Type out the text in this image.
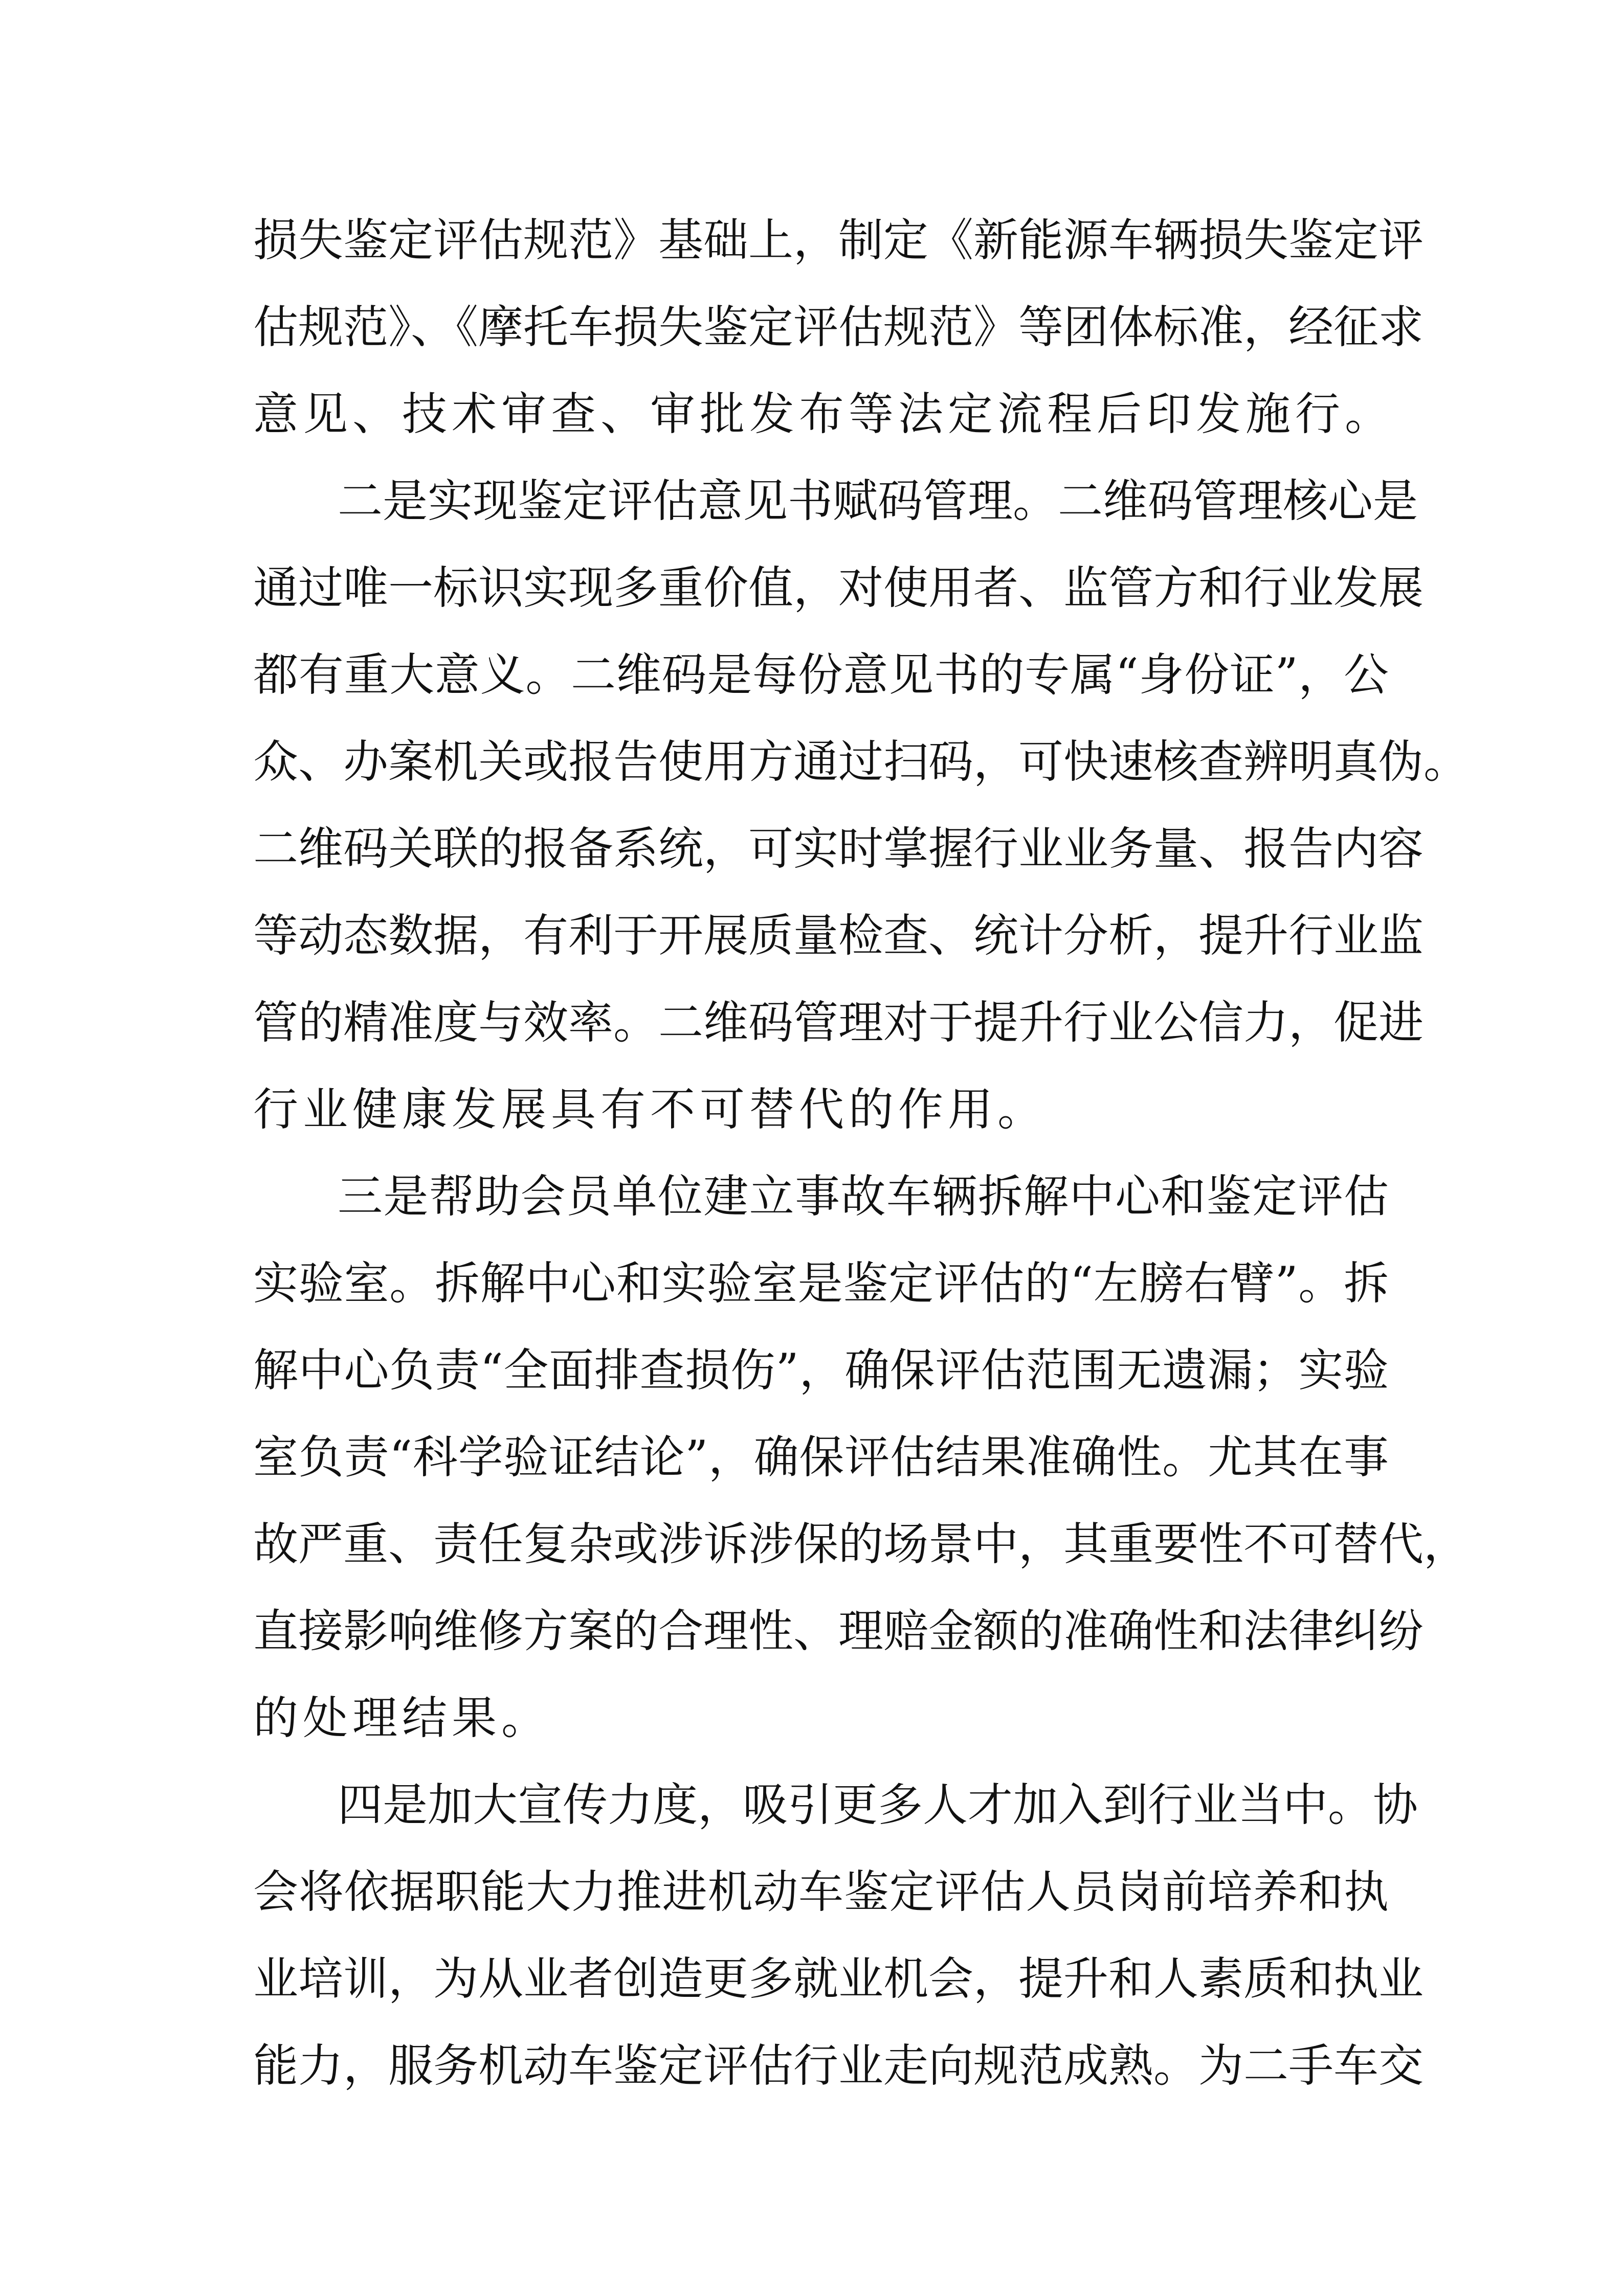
损失鉴定评估规范》基础上，制定《新能源车辆损失鉴定评
估规范》、《摩托车损失鉴定评估规范》等团体标准，经征求
意见、技术审查、审批发布等法定流程后印发施行。
二是实现鉴定评估意见书赋码管理。二维码管理核心是
通过唯一标识实现多重价值，对使用者、监管方和行业发展
都有重大意义。二维码是每份意见书的专属“身份证”，公
众、办案机关或报告使用方通过扫码，可快速核查辨明真伪。
二维码关联的报备系统，可实时掌握行业业务量、报告内容
等动态数据，有利于开展质量检查、统计分析，提升行业监
管的精准度与效率。二维码管理对于提升行业公信力，促进
行业健康发展具有不可替代的作用。
三是帮助会员单位建立事故车辆拆解中心和鉴定评估
实验室。拆解中心和实验室是鉴定评估的“左膀右臂”。拆
解中心负责“全面排查损伤”，确保评估范围无遗漏；实验
室负责“科学验证结论”，确保评估结果准确性。尤其在事
故严重、责任复杂或涉诉涉保的场景中，其重要性不可替代，
直接影响维修方案的合理性、理赔金额的准确性和法律纠纷
的处理结果。
四是加大宣传力度，吸引更多人才加入到行业当中。协
会将依据职能大力推进机动车鉴定评估人员岗前培养和执
业培训，为从业者创造更多就业机会，提升和人素质和执业
能力，服务机动车鉴定评估行业走向规范成熟。为二手车交
